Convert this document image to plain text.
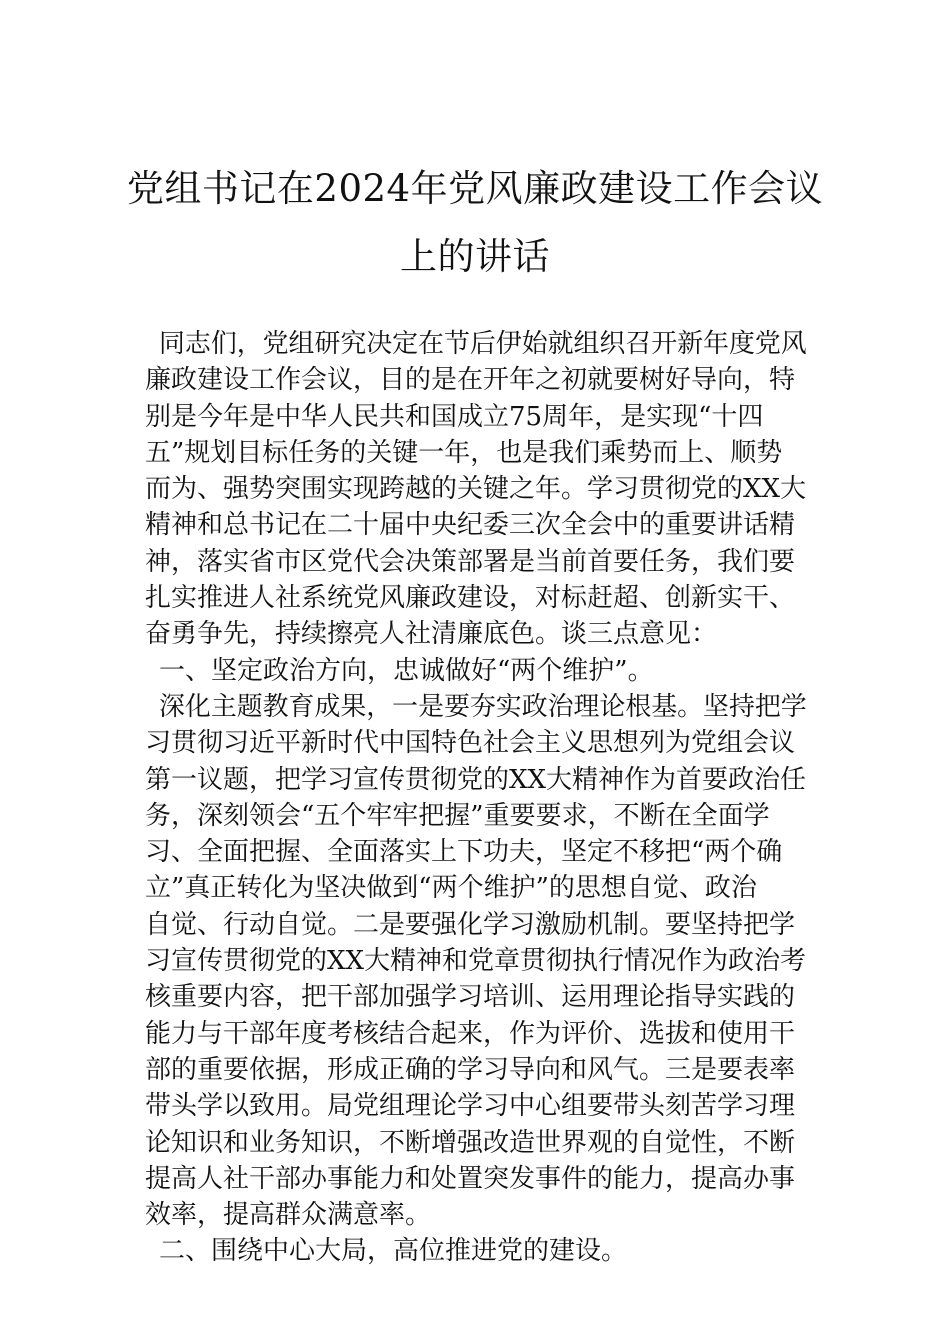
党组书记在2024年党风廉政建设工作会议
上的讲话
同志们，党组研究决定在节后伊始就组织召开新年度党风
廉政建设工作会议，目的是在开年之初就要树好导向，特
别是今年是中华人民共和国成立75周年，是实现“十四
五”规划目标任务的关键一年，也是我们乘势而上、顺势
而为、强势突围实现跨越的关键之年。学习贯彻党的XX大
精神和总书记在二十届中央纪委三次全会中的重要讲话精
神，落实省市区党代会决策部署是当前首要任务，我们要
扎实推进人社系统党风廉政建设，对标赶超、创新实干、
奋勇争先，持续擦亮人社清廉底色。谈三点意见：
一、坚定政治方向，忠诚做好“两个维护”。
深化主题教育成果，一是要夯实政治理论根基。坚持把学
习贯彻习近平新时代中国特色社会主义思想列为党组会议
第一议题，把学习宣传贯彻党的XX大精神作为首要政治任
务，深刻领会“五个牢牢把握”重要要求，不断在全面学
习、全面把握、全面落实上下功夫，坚定不移把“两个确
立”真正转化为坚决做到“两个维护”的思想自觉、政治
自觉、行动自觉。二是要强化学习激励机制。要坚持把学
习宣传贯彻党的XX大精神和党章贯彻执行情况作为政治考
核重要内容，把干部加强学习培训、运用理论指导实践的
能力与干部年度考核结合起来，作为评价、选拔和使用干
部的重要依据，形成正确的学习导向和风气。三是要表率
带头学以致用。局党组理论学习中心组要带头刻苦学习理
论知识和业务知识，不断增强改造世界观的自觉性，不断
提高人社干部办事能力和处置突发事件的能力，提高办事
效率，提高群众满意率。
二、围绕中心大局，高位推进党的建设。
